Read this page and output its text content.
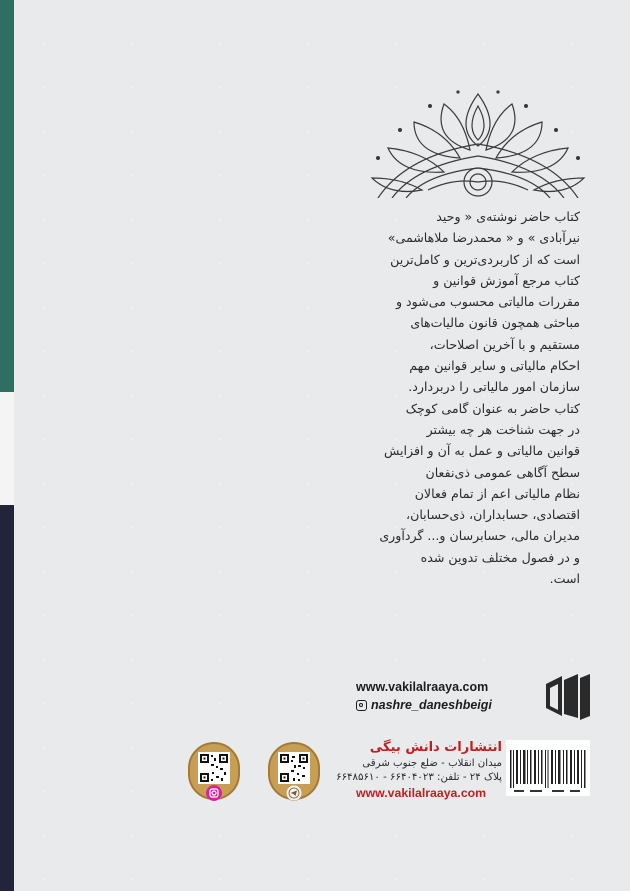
کتاب حاضر نوشته‌ی « وحید
نیرآبادی » و « محمدرضا ملاهاشمی»
است که از کاربردی‌ترین و کامل‌ترین
کتاب مرجع آموزش قوانین و
مقررات مالیاتی محسوب می‌شود و
مباحثی همچون قانون مالیات‌های
مستقیم و با آخرین اصلاحات،
احکام مالیاتی و سایر قوانین مهم
سازمان امور مالیاتی را دربردارد.
کتاب حاضر به عنوان گامی کوچک
در جهت شناخت هر چه بیشتر
قوانین مالیاتی و عمل به آن و افزایش
سطح آگاهی عمومی ذی‌نفعان
نظام مالیاتی اعم از تمام فعالان
اقتصادی، حسابداران، ذی‌حسابان،
مدیران مالی، حسابرسان و... گردآوری
و در فصول مختلف تدوین شده
است.
www.vakilalraaya.com
nashre_daneshbeigi
انتشارات دانش بیگی
میدان انقلاب - ضلع جنوب شرقی
پلاک ۲۴ - تلفن: ۶۶۴۰۴۰۲۳ - ۶۶۴۸۵۶۱۰
www.vakilalraaya.com
